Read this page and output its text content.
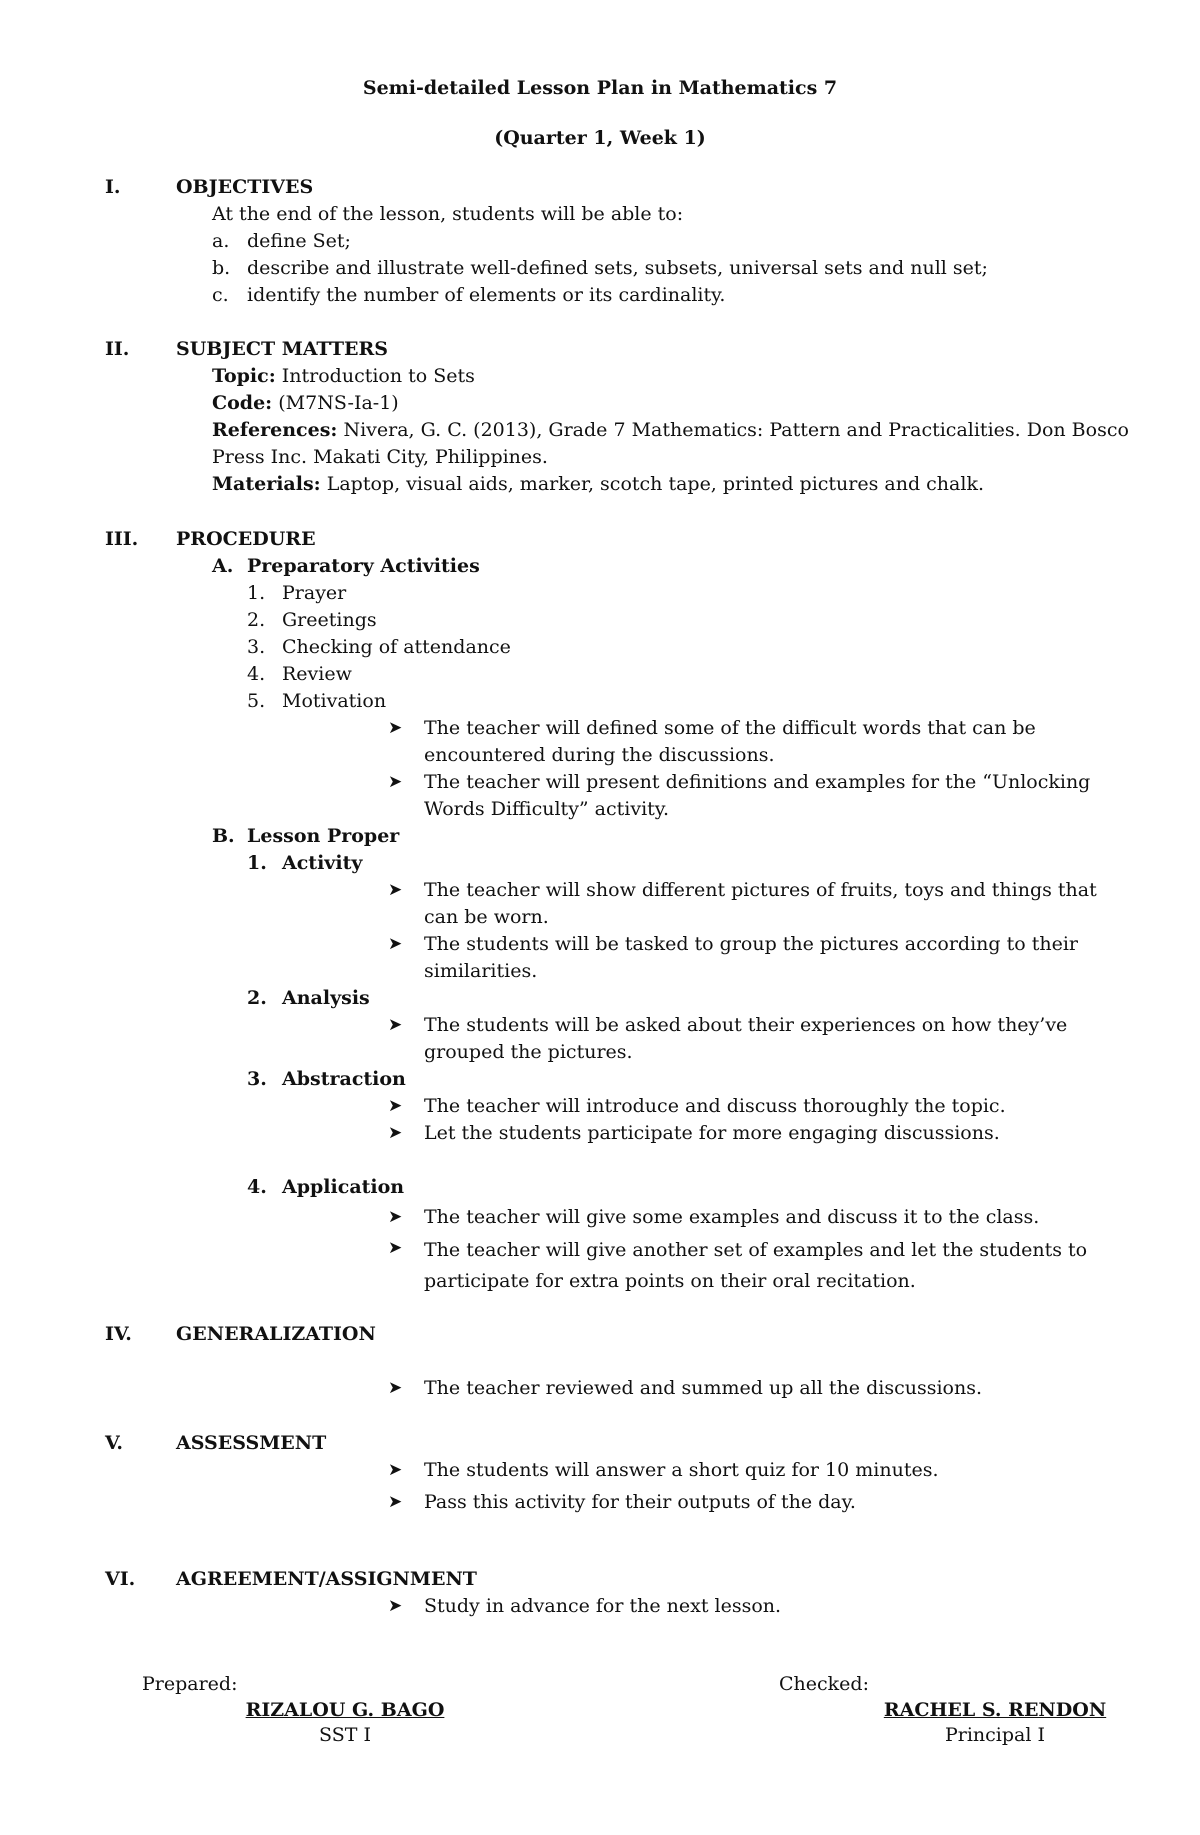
Semi-detailed Lesson Plan in Mathematics 7
(Quarter 1, Week 1)
I.	OBJECTIVES
At the end of the lesson, students will be able to:
a. define Set;
b. describe and illustrate well-defined sets, subsets, universal sets and null set;
c. identify the number of elements or its cardinality.
II. SUBJECT MATTERS
Topic: Introduction to Sets
Code: (M7NS-Ia-1)
References: Nivera, G. C. (2013), Grade 7 Mathematics: Pattern and Practicalities. Don Bosco
Press Inc. Makati City, Philippines.
Materials: Laptop, visual aids, marker, scotch tape, printed pictures and chalk.
III. PROCEDURE
A. Preparatory Activities
1. Prayer
2. Greetings
3. Checking of attendance
4. Review
5. Motivation
➤ The teacher will defined some of the difficult words that can be encountered during the discussions.
➤ The teacher will present definitions and examples for the “Unlocking Words Difficulty” activity.
B. Lesson Proper
1. Activity
➤ The teacher will show different pictures of fruits, toys and things that can be worn.
➤ The students will be tasked to group the pictures according to their similarities.
2. Analysis
➤ The students will be asked about their experiences on how they’ve grouped the pictures.
3. Abstraction
➤ The teacher will introduce and discuss thoroughly the topic.
➤ Let the students participate for more engaging discussions.
4. Application
➤ The teacher will give some examples and discuss it to the class.
➤ The teacher will give another set of examples and let the students to participate for extra points on their oral recitation.
IV. GENERALIZATION
➤ The teacher reviewed and summed up all the discussions.
V.	ASSESSMENT
➤ The students will answer a short quiz for 10 minutes.
➤ Pass this activity for their outputs of the day.
VI. AGREEMENT/ASSIGNMENT
➤ Study in advance for the next lesson.
Prepared:
RIZALOU G. BAGO
SST I
Checked:
RACHEL S. RENDON
Principal I
